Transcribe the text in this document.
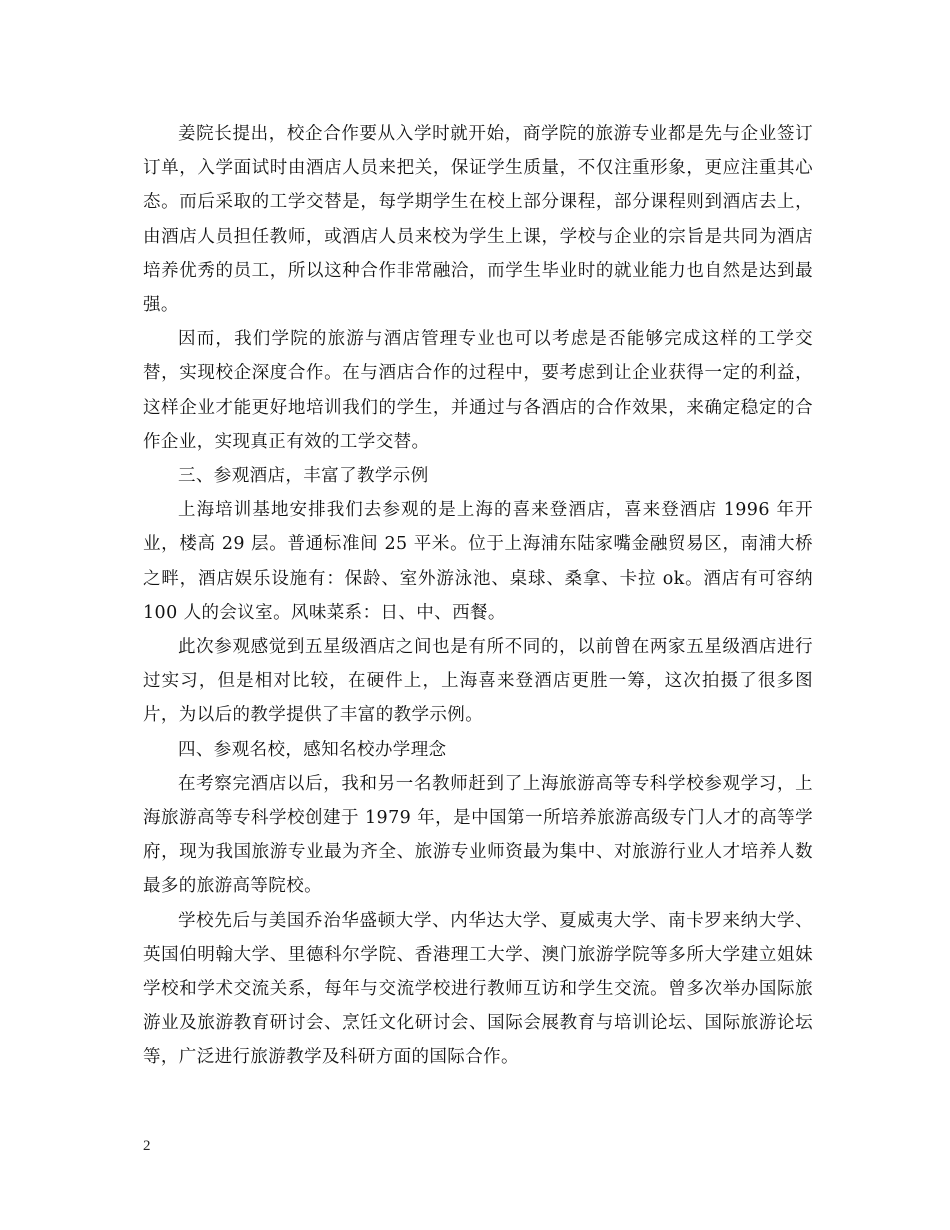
姜院长提出，校企合作要从入学时就开始，商学院的旅游专业都是先与企业签订订单，入学面试时由酒店人员来把关，保证学生质量，不仅注重形象，更应注重其心态。而后采取的工学交替是，每学期学生在校上部分课程，部分课程则到酒店去上，由酒店人员担任教师，或酒店人员来校为学生上课，学校与企业的宗旨是共同为酒店培养优秀的员工，所以这种合作非常融洽，而学生毕业时的就业能力也自然是达到最强。

因而，我们学院的旅游与酒店管理专业也可以考虑是否能够完成这样的工学交替，实现校企深度合作。在与酒店合作的过程中，要考虑到让企业获得一定的利益，这样企业才能更好地培训我们的学生，并通过与各酒店的合作效果，来确定稳定的合作企业，实现真正有效的工学交替。

三、参观酒店，丰富了教学示例

上海培训基地安排我们去参观的是上海的喜来登酒店，喜来登酒店 1996 年开业，楼高 29 层。普通标准间 25 平米。位于上海浦东陆家嘴金融贸易区，南浦大桥之畔，酒店娱乐设施有：保龄、室外游泳池、桌球、桑拿、卡拉 ok。酒店有可容纳 100 人的会议室。风味菜系：日、中、西餐。

此次参观感觉到五星级酒店之间也是有所不同的，以前曾在两家五星级酒店进行过实习，但是相对比较，在硬件上，上海喜来登酒店更胜一筹，这次拍摄了很多图片，为以后的教学提供了丰富的教学示例。

四、参观名校，感知名校办学理念

在考察完酒店以后，我和另一名教师赶到了上海旅游高等专科学校参观学习，上海旅游高等专科学校创建于 1979 年，是中国第一所培养旅游高级专门人才的高等学府，现为我国旅游专业最为齐全、旅游专业师资最为集中、对旅游行业人才培养人数最多的旅游高等院校。

学校先后与美国乔治华盛顿大学、内华达大学、夏威夷大学、南卡罗来纳大学、英国伯明翰大学、里德科尔学院、香港理工大学、澳门旅游学院等多所大学建立姐妹学校和学术交流关系，每年与交流学校进行教师互访和学生交流。曾多次举办国际旅游业及旅游教育研讨会、烹饪文化研讨会、国际会展教育与培训论坛、国际旅游论坛等，广泛进行旅游教学及科研方面的国际合作。

2
